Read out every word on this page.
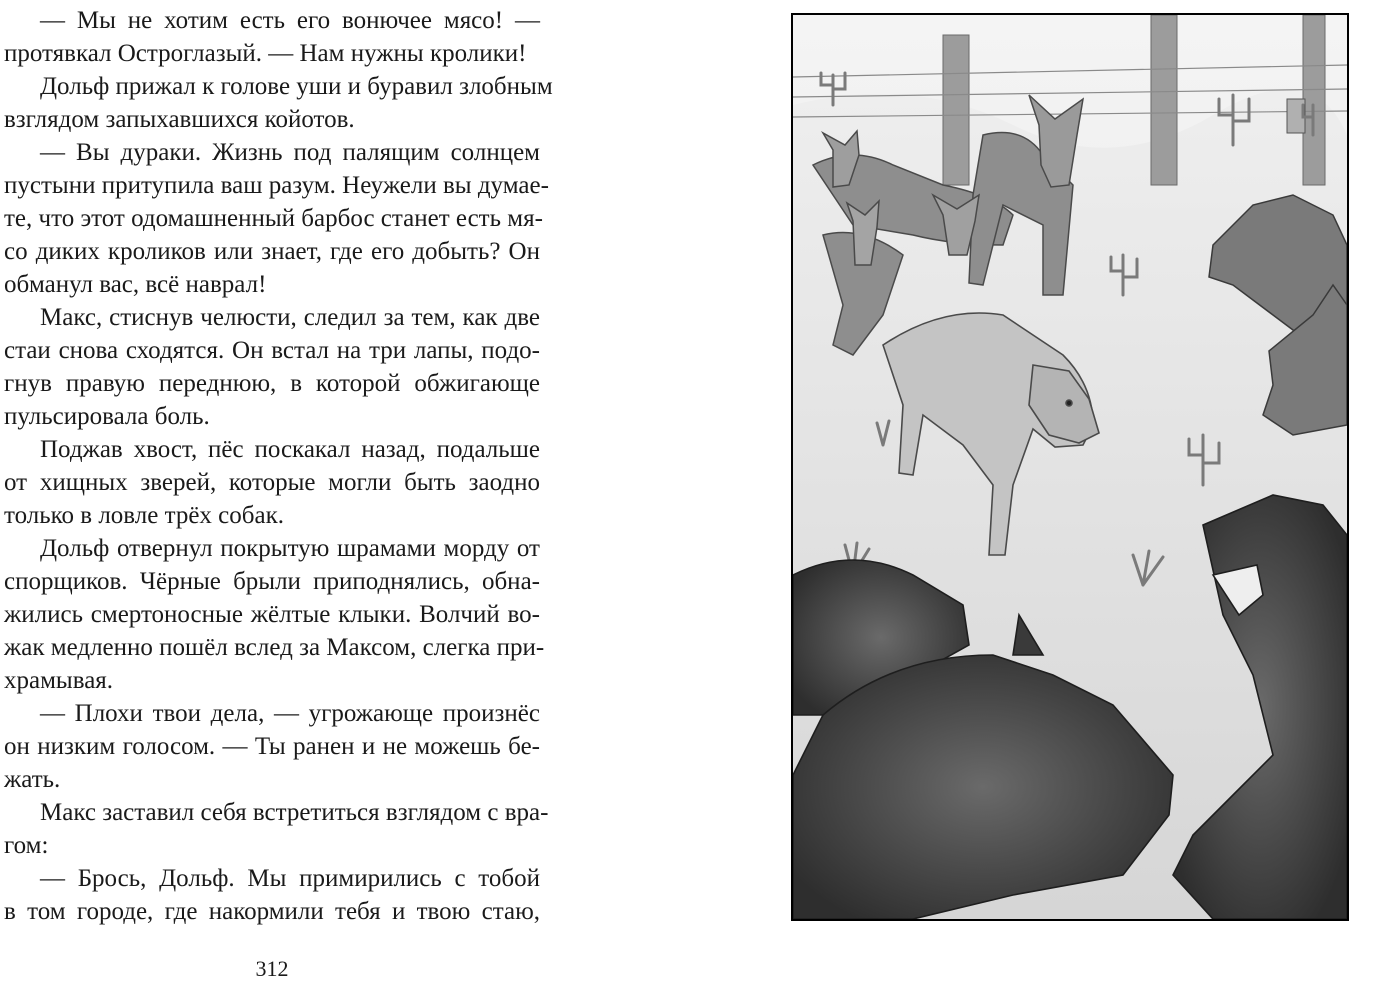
— Мы не хотим есть его вонючее мясо! —
протявкал Остроглазый. — Нам нужны кролики!

Дольф прижал к голове уши и буравил злобным
взглядом запыхавшихся койотов.

— Вы дураки. Жизнь под палящим солнцем
пустыни притупила ваш разум. Неужели вы думае-
те, что этот одомашненный барбос станет есть мя-
со диких кроликов или знает, где его добыть? Он
обманул вас, всё наврал!

Макс, стиснув челюсти, следил за тем, как две
стаи снова сходятся. Он встал на три лапы, подо-
гнув правую переднюю, в которой обжигающе
пульсировала боль.

Поджав хвост, пёс поскакал назад, подальше
от хищных зверей, которые могли быть заодно
только в ловле трёх собак.

Дольф отвернул покрытую шрамами морду от
спорщиков. Чёрные брыли приподнялись, обна-
жились смертоносные жёлтые клыки. Волчий во-
жак медленно пошёл вслед за Максом, слегка при-
храмывая.

— Плохи твои дела, — угрожающе произнёс
он низким голосом. — Ты ранен и не можешь бе-
жать.

Макс заставил себя встретиться взглядом с вра-
гом:

— Брось, Дольф. Мы примирились с тобой
в том городе, где накормили тебя и твою стаю,

312
